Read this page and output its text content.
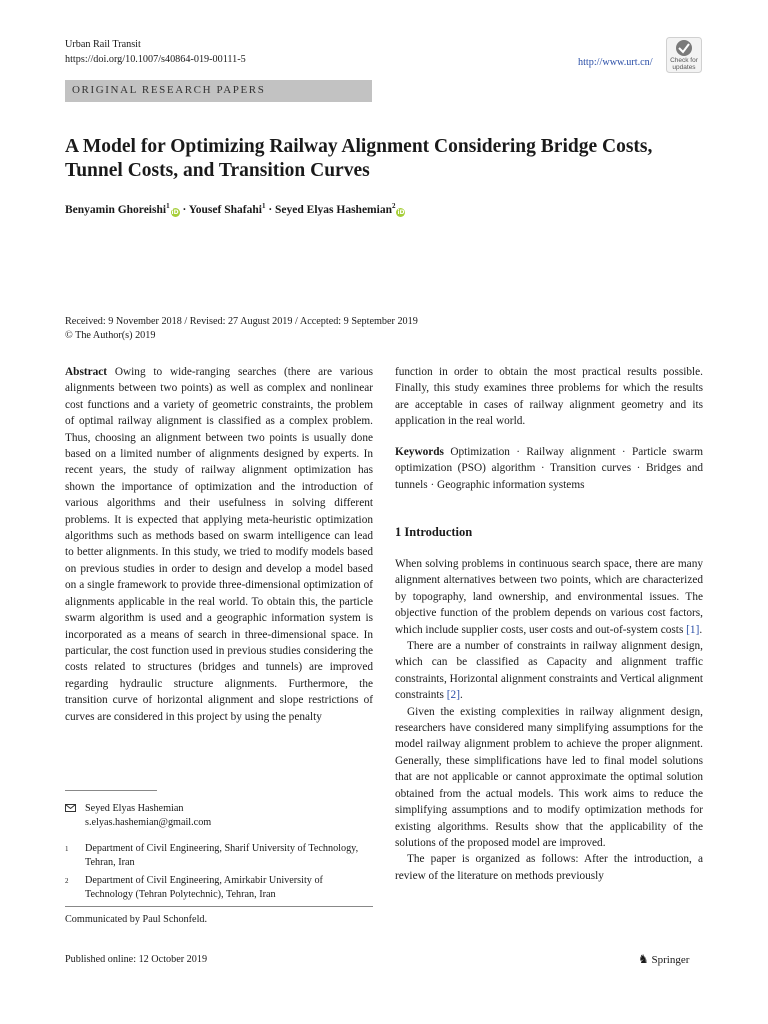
Urban Rail Transit
https://doi.org/10.1007/s40864-019-00111-5	http://www.urt.cn/	Check for
updates
ORIGINAL RESEARCH PAPERS
A Model for Optimizing Railway Alignment Considering Bridge Costs, Tunnel Costs, and Transition Curves
Benyamin Ghoreishi$^1$iD · Yousef Shafahi$^1$ · Seyed Elyas Hashemian$^2$iD
Received: 9 November 2018 / Revised: 27 August 2019 / Accepted: 9 September 2019
© The Author(s) 2019

Abstract Owing to wide-ranging searches (there are various alignments between two points) as well as complex and nonlinear cost functions and a variety of geometric constraints, the problem of optimal railway alignment is classified as a complex problem. Thus, choosing an alignment between two points is usually done based on a limited number of alignments designed by experts. In recent years, the study of railway alignment optimization has shown the importance of optimization and the introduction of various algorithms and their usefulness in solving different problems. It is expected that applying meta-heuristic optimization algorithms such as methods based on swarm intelligence can lead to better alignments. In this study, we tried to modify models based on previous studies in order to design and develop a model based on a single framework to provide three-dimensional optimization of alignments applicable in the real world. To obtain this, the particle swarm algorithm is used and a geographic information system is incorporated as a means of search in three-dimensional space. In particular, the cost function used in previous studies considering the costs related to structures (bridges and tunnels) are improved regarding hydraulic structure alignments. Furthermore, the transition curve of horizontal alignment and slope restrictions of curves are considered in this project by using the penalty

Seyed Elyas Hashemian
s.elyas.hashemian@gmail.com
1 Department of Civil Engineering, Sharif University of Technology, Tehran, Iran
2 Department of Civil Engineering, Amirkabir University of Technology (Tehran Polytechnic), Tehran, Iran
Communicated by Paul Schonfeld.
function in order to obtain the most practical results possible. Finally, this study examines three problems for which the results are acceptable in cases of railway alignment geometry and its application in the real world.

Keywords Optimization · Railway alignment · Particle swarm optimization (PSO) algorithm · Transition curves · Bridges and tunnels · Geographic information systems

1 Introduction

When solving problems in continuous search space, there are many alignment alternatives between two points, which are characterized by topography, land ownership, and environmental issues. The objective function of the problem depends on various cost factors, which include supplier costs, user costs and out-of-system costs [1].

There are a number of constraints in railway alignment design, which can be classified as Capacity and alignment traffic constraints, Horizontal alignment constraints and Vertical alignment constraints [2].

Given the existing complexities in railway alignment design, researchers have considered many simplifying assumptions for the model railway alignment problem to achieve the proper alignment. Generally, these simplifications have led to final model solutions that are not applicable or cannot approximate the optimal solution obtained from the actual models. This work aims to reduce the simplifying assumptions and to modify optimization methods for existing algorithms. Results show that the applicability of the solutions of the proposed model are improved.

The paper is organized as follows: After the introduction, a review of the literature on methods previously

Published online: 12 October 2019	♞ Springer
